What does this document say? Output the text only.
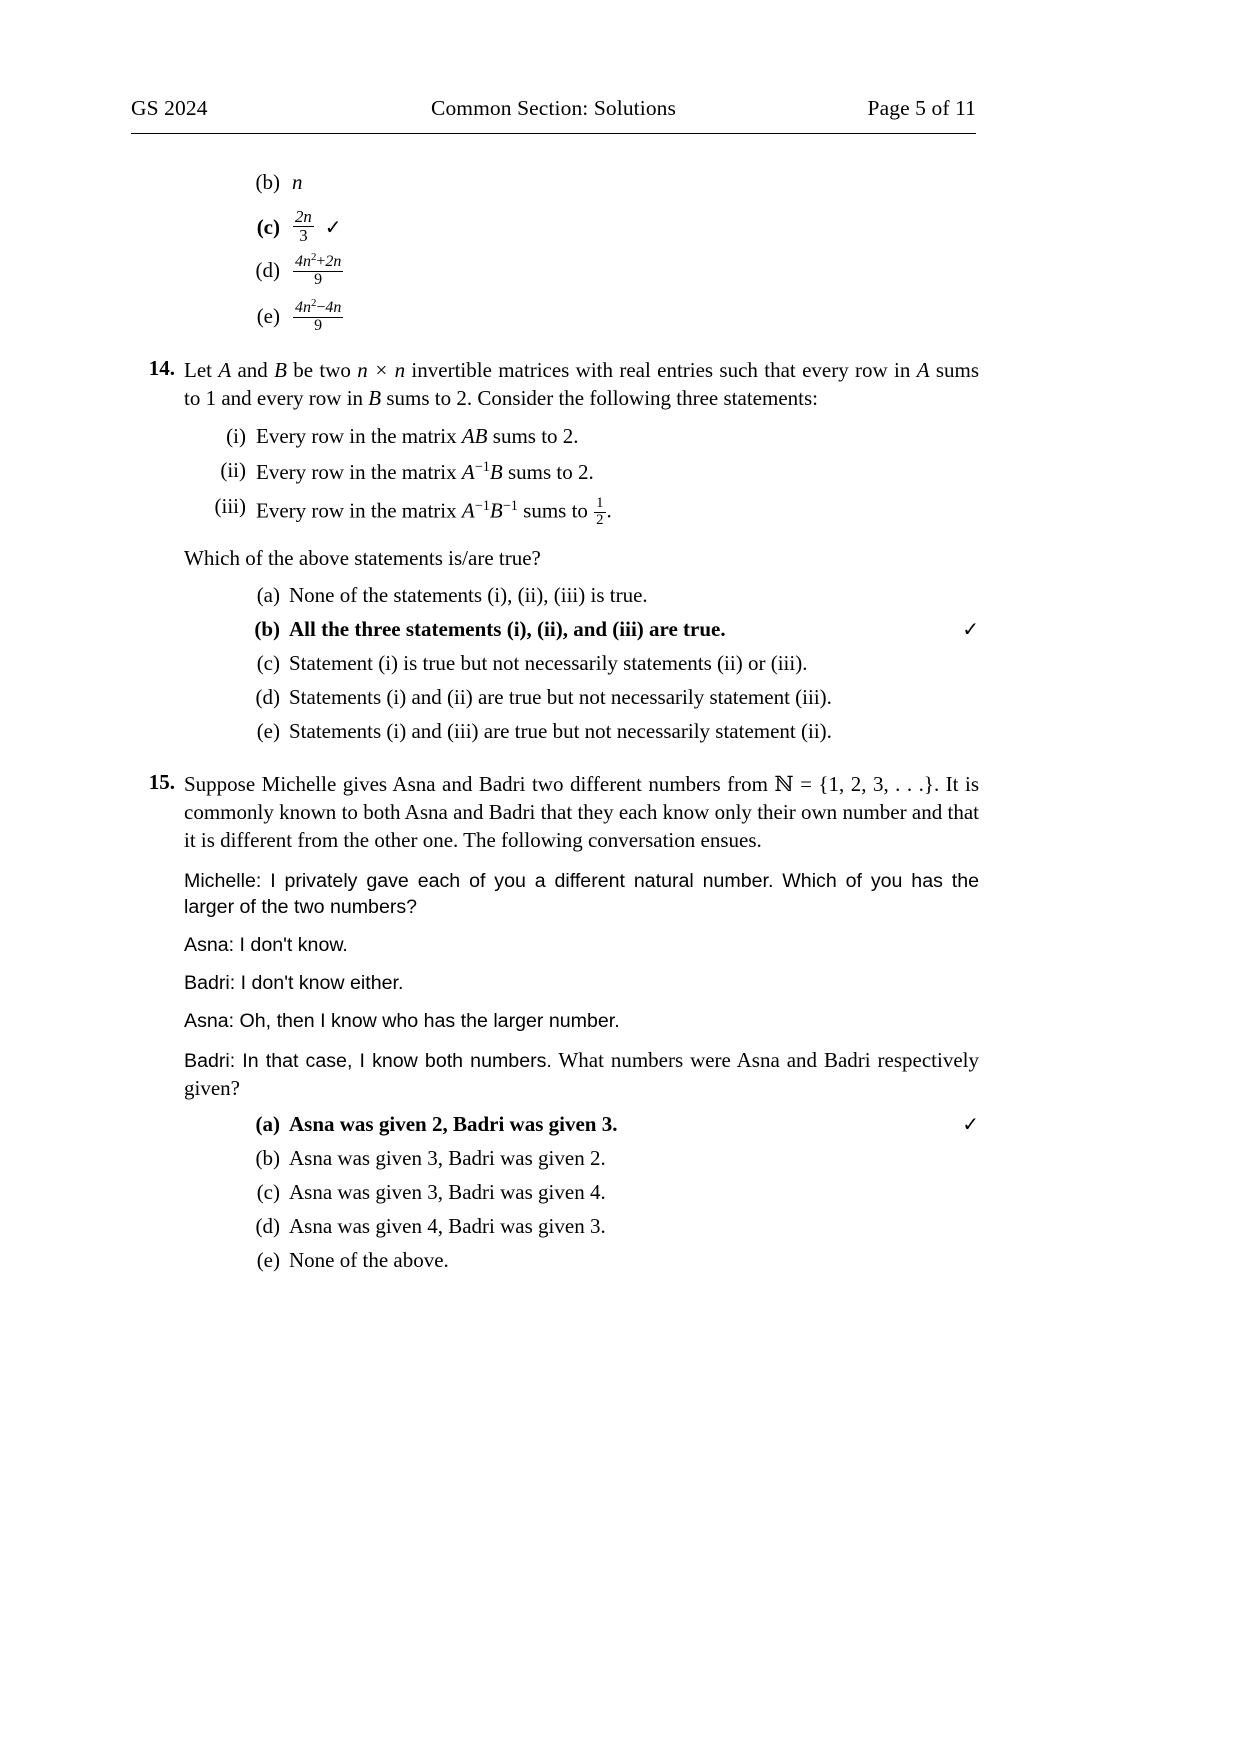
GS 2024	Common Section: Solutions	Page 5 of 11
(b) n
$(c) \frac{2n}{3}$ ✓
$(d) \frac{4n^2+2n}{9}$
$(e) \frac{4n^2-4n}{9}$
14. Let A and B be two n × n invertible matrices with real entries such that every row in A sums to 1 and every row in B sums to 2. Consider the following three statements:
(i) Every row in the matrix AB sums to 2.
(ii) Every row in the matrix $A^{-1}B$ sums to 2.
(iii) Every row in the matrix $A^{-1}B^{-1}$ sums to $\frac{1}{2}$ .
Which of the above statements is/are true?
(a) None of the statements (i), (ii), (iii) is true.
(b) All the three statements (i), (ii), and (iii) are true.	✓
(c) Statement (i) is true but not necessarily statements (ii) or (iii).
(d) Statements (i) and (ii) are true but not necessarily statement (iii).
(e) Statements (i) and (iii) are true but not necessarily statement (ii).
15. Suppose Michelle gives Asna and Badri two different numbers from ℕ = {1, 2, 3, . . .}. It is commonly known to both Asna and Badri that they each know only their own number and that it is different from the other one. The following conversation ensues.

Michelle: I privately gave each of you a different natural number. Which of you has the larger of the two numbers?

Asna: I don't know.

Badri: I don't know either.

Asna: Oh, then I know who has the larger number.

Badri: In that case, I know both numbers. What numbers were Asna and Badri respectively given?

(a) Asna was given 2, Badri was given 3.	✓
(b) Asna was given 3, Badri was given 2.
(c) Asna was given 3, Badri was given 4.
(d) Asna was given 4, Badri was given 3.
(e) None of the above.
